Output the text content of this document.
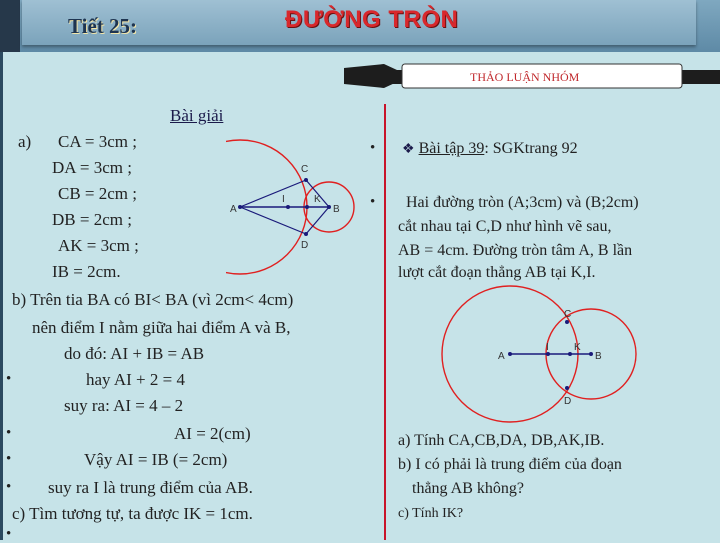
Tiết 25:	ĐƯỜNG TRÒN
THẢO LUẬN NHÓM
Bài giải
a) CA = 3cm ;
DA = 3cm ;
CB = 2cm ;
DB = 2cm ;
AK = 3cm ;
IB = 2cm.
b) Trên tia BA có BI< BA (vì 2cm< 4cm)
nên điểm I nằm giữa hai điểm A và B,
do đó: AI + IB = AB
•	hay AI + 2 = 4
suy ra: AI = 4 – 2
•	AI = 2(cm)
•	Vậy AI = IB (= 2cm)
• suy ra I là trung điểm của AB.
c) Tìm tương tự, ta được IK = 1cm.
•
A
I	K
B
C
D
• ❖ Bài tập 39: SGKtrang 92
• Hai đường tròn (A;3cm) và (B;2cm)
cắt nhau tại C,D như hình vẽ sau,
AB = 4cm. Đường tròn tâm A, B lần
lượt cắt đoạn thẳng AB tại K,I.
A
I	K
B
C
D
a) Tính CA,CB,DA, DB,AK,IB.
b) I có phải là trung điểm của đoạn
thẳng AB không?
c) Tính IK?
